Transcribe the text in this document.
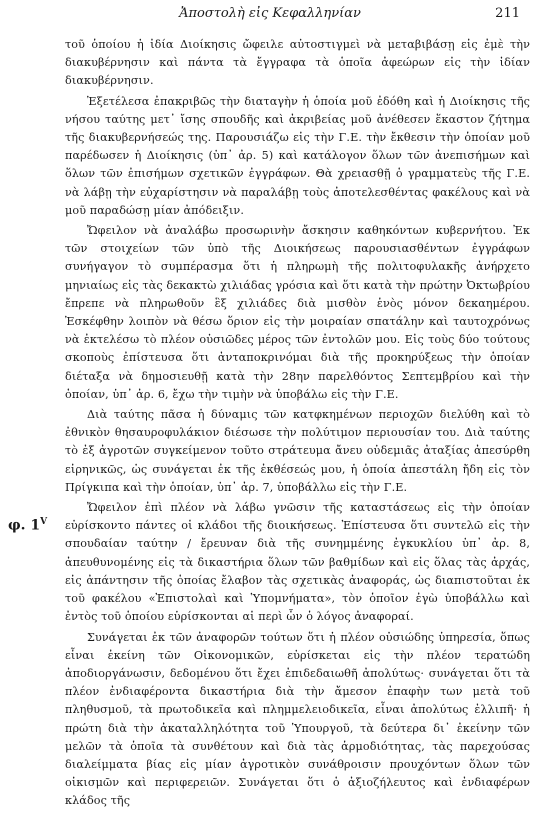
Ἀποστολὴ εἰς Κεφαλληνίαν	211
φ. $1^V$

τοῦ ὁποίου ἡ ἰδία Διοίκησις ὤφειλε αὐτοστιγμεὶ νὰ μεταβιβάσῃ εἰς ἐμὲ τὴν διακυβέρνησιν καὶ πάντα τὰ ἔγγραφα τὰ ὁποῖα ἀφεώρων εἰς τὴν ἰδίαν διακυβέρνησιν.

Ἐξετέλεσα ἐπακριβῶς τὴν διαταγὴν ἡ ὁποία μοῦ ἐδόθη καὶ ἡ Διοίκησις τῆς νήσου ταύτης μετ᾽ ἴσης σπουδῆς καὶ ἀκριβείας μοῦ ἀνέθεσεν ἕκαστον ζήτημα τῆς διακυβερνήσεώς της. Παρουσιάζω εἰς τὴν Γ.Ε. τὴν ἔκθεσιν τὴν ὁποίαν μοῦ παρέδωσεν ἡ Διοίκησις (ὑπ᾽ ἀρ. 5) καὶ κατάλογον ὅλων τῶν ἀνεπισήμων καὶ ὅλων τῶν ἐπισήμων σχετικῶν ἐγγράφων. Θὰ χρειασθῇ ὁ γραμματεὺς τῆς Γ.Ε. νὰ λάβῃ τὴν εὐχαρίστησιν νὰ παραλάβῃ τοὺς ἀποτελεσθέντας φακέλους καὶ νὰ μοῦ παραδώσῃ μίαν ἀπόδειξιν.

Ὤφειλον νὰ ἀναλάβω προσωρινὴν ἄσκησιν καθηκόντων κυβερνήτου. Ἐκ τῶν στοιχείων τῶν ὑπὸ τῆς Διοικήσεως παρουσιασθέντων ἐγγράφων συνήγαγον τὸ συμπέρασμα ὅτι ἡ πληρωμὴ τῆς πολιτοφυλακῆς ἀνήρχετο μηνιαίως εἰς τὰς δεκακτὼ χιλιάδας γρόσια καὶ ὅτι κατὰ τὴν πρώτην Ὀκτωβρίου ἔπρεπε νὰ πληρωθοῦν ἓξ χιλιάδες διὰ μισθὸν ἑνὸς μόνον δεκαημέρου. Ἐσκέφθην λοιπὸν νὰ θέσω ὅριον εἰς τὴν μοιραίαν σπατάλην καὶ ταυτοχρόνως νὰ ἐκτελέσω τὸ πλέον οὐσιῶδες μέρος τῶν ἐντολῶν μου. Εἰς τοὺς δύο τούτους σκοποὺς ἐπίστευσα ὅτι ἀνταποκρινόμαι διὰ τῆς προκηρύξεως τὴν ὁποίαν διέταξα νὰ δημοσιευθῇ κατὰ τὴν 28ην παρελθόντος Σεπτεμβρίου καὶ τὴν ὁποίαν, ὑπ᾽ ἀρ. 6, ἔχω τὴν τιμὴν νὰ ὑποβάλω εἰς τὴν Γ.Ε.

Διὰ ταύτης πᾶσα ἡ δύναμις τῶν κατφκημένων περιοχῶν διελύθη καὶ τὸ ἐθνικὸν θησαυροφυλάκιον διέσωσε τὴν πολύτιμον περιουσίαν του. Διὰ ταύτης τὸ ἐξ ἀγροτῶν συγκείμενον τοῦτο στράτευμα ἄνευ οὐδεμιᾶς ἀταξίας ἀπεσύρθη εἰρηνικῶς, ὡς συνάγεται ἐκ τῆς ἐκθέσεώς μου, ἡ ὁποία ἀπεστάλη ἤδη εἰς τὸν Πρίγκιπα καὶ τὴν ὁποίαν, ὑπ᾽ ἀρ. 7, ὑποβάλλω εἰς τὴν Γ.Ε.

Ὤφειλον ἐπὶ πλέον νὰ λάβω γνῶσιν τῆς καταστάσεως εἰς τὴν ὁποίαν εὑρίσκοντο πάντες οἱ κλάδοι τῆς διοικήσεως. Ἐπίστευσα ὅτι συντελῶ εἰς τὴν σπουδαίαν ταύτην / ἔρευναν διὰ τῆς συνημμένης ἐγκυκλίου ὑπ᾽ ἀρ. 8, ἀπευθυνομένης εἰς τὰ δικαστήρια ὅλων τῶν βαθμίδων καὶ εἰς ὅλας τὰς ἀρχάς, εἰς ἀπάντησιν τῆς ὁποίας ἔλαβον τὰς σχετικὰς ἀναφοράς, ὡς διαπιστοῦται ἐκ τοῦ φακέλου «Ἐπιστολαὶ καὶ Ὑπομνήματα», τὸν ὁποῖον ἐγὼ ὑποβάλλω καὶ ἐντὸς τοῦ ὁποίου εὑρίσκονται αἱ περὶ ὧν ὁ λόγος ἀναφοραί.

Συνάγεται ἐκ τῶν ἀναφορῶν τούτων ὅτι ἡ πλέον οὐσιώδης ὑπηρεσία, ὅπως εἶναι ἐκείνη τῶν Οἰκονομικῶν, εὑρίσκεται εἰς τὴν πλέον τερατώδη ἀποδιοργάνωσιν, δεδομένου ὅτι ἔχει ἐπιδεδαιωθῆ ἀπολύτως· συνάγεται ὅτι τὰ πλέον ἐνδιαφέροντα δικαστήρια διὰ τὴν ἄμεσον ἐπαφὴν των μετὰ τοῦ πληθυσμοῦ, τὰ πρωτοδικεῖα καὶ πλημμελειοδικεῖα, εἶναι ἀπολύτως ἐλλιπῆ· ἡ πρώτη διὰ τὴν ἀκαταλληλότητα τοῦ Ὑπουργοῦ, τὰ δεύτερα δι᾽ ἐκείνην τῶν μελῶν τὰ ὁποῖα τὰ συνθέτουν καὶ διὰ τὰς ἁρμοδιότητας, τὰς παρεχούσας διαλείμματα βίας εἰς μίαν ἀγροτικὸν συνάθροισιν προυχόντων ὅλων τῶν οἰκισμῶν καὶ περιφερειῶν. Συνάγεται ὅτι ὁ ἀξιοζήλευτος καὶ ἐνδιαφέρων κλάδος τῆς
